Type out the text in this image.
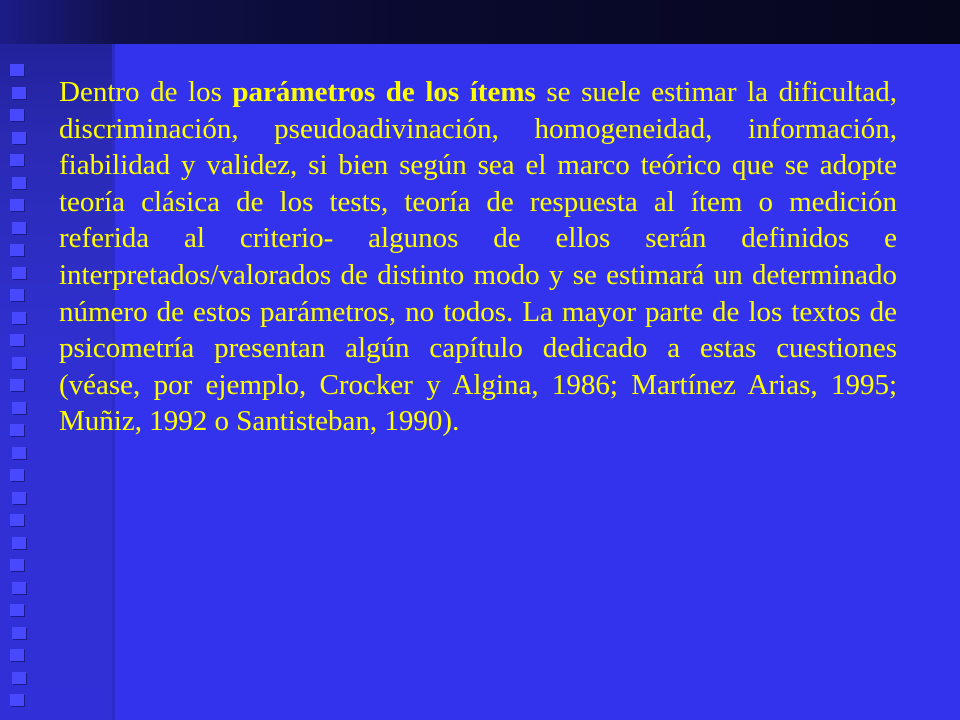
Dentro de los parámetros de los ítems se suele estimar la dificultad, discriminación, pseudoadivinación, homogeneidad, información, fiabilidad y validez, si bien según sea el marco teórico que se adopte teoría clásica de los tests, teoría de respuesta al ítem o medición referida al criterio- algunos de ellos serán definidos e interpretados/valorados de distinto modo y se estimará un determinado número de estos parámetros, no todos. La mayor parte de los textos de psicometría presentan algún capítulo dedicado a estas cuestiones (véase, por ejemplo, Crocker y Algina, 1986; Martínez Arias, 1995; Muñiz, 1992 o Santisteban, 1990).
